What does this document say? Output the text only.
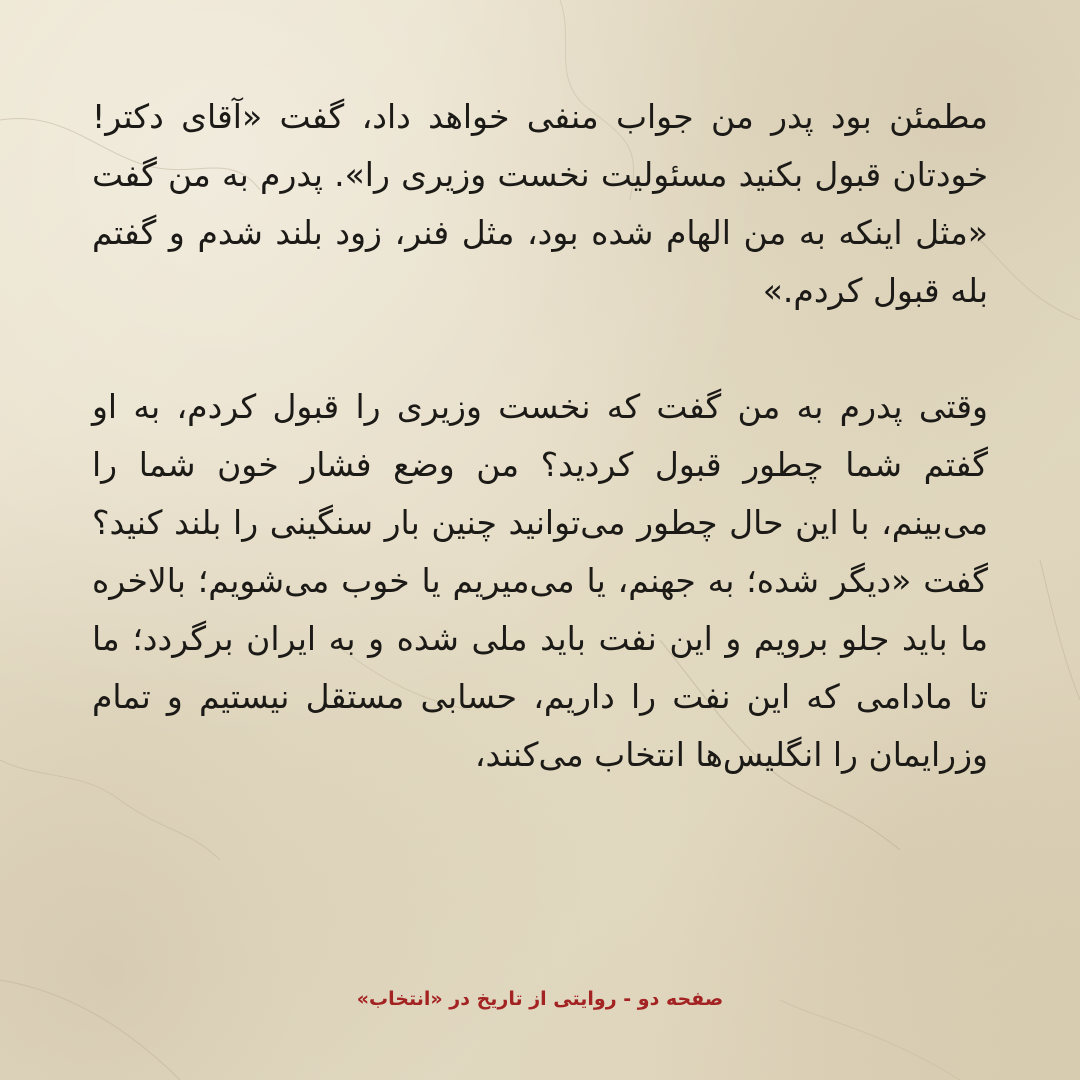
مطمئن بود پدر من جواب منفی خواهد داد، گفت «آقای دکتر! خودتان قبول بکنید مسئولیت نخست وزیری را». پدرم به من گفت «مثل اینکه به من الهام شده بود، مثل فنر، زود بلند شدم و گفتم بله قبول کردم.»

وقتی پدرم به من گفت که نخست وزیری را قبول کردم، به او گفتم شما چطور قبول کردید؟ من وضع فشار خون شما را می‌بینم، با این حال چطور می‌توانید چنین بار سنگینی را بلند کنید؟ گفت «دیگر شده؛ به جهنم، یا می‌میریم یا خوب می‌شویم؛ بالاخره ما باید جلو برویم و این نفت باید ملی شده و به ایران برگردد؛ ما تا مادامی که این نفت را داریم، حسابی مستقل نیستیم و تمام وزرایمان را انگلیس‌ها انتخاب می‌کنند،

صفحه دو - روایتی از تاریخ در «انتخاب»
